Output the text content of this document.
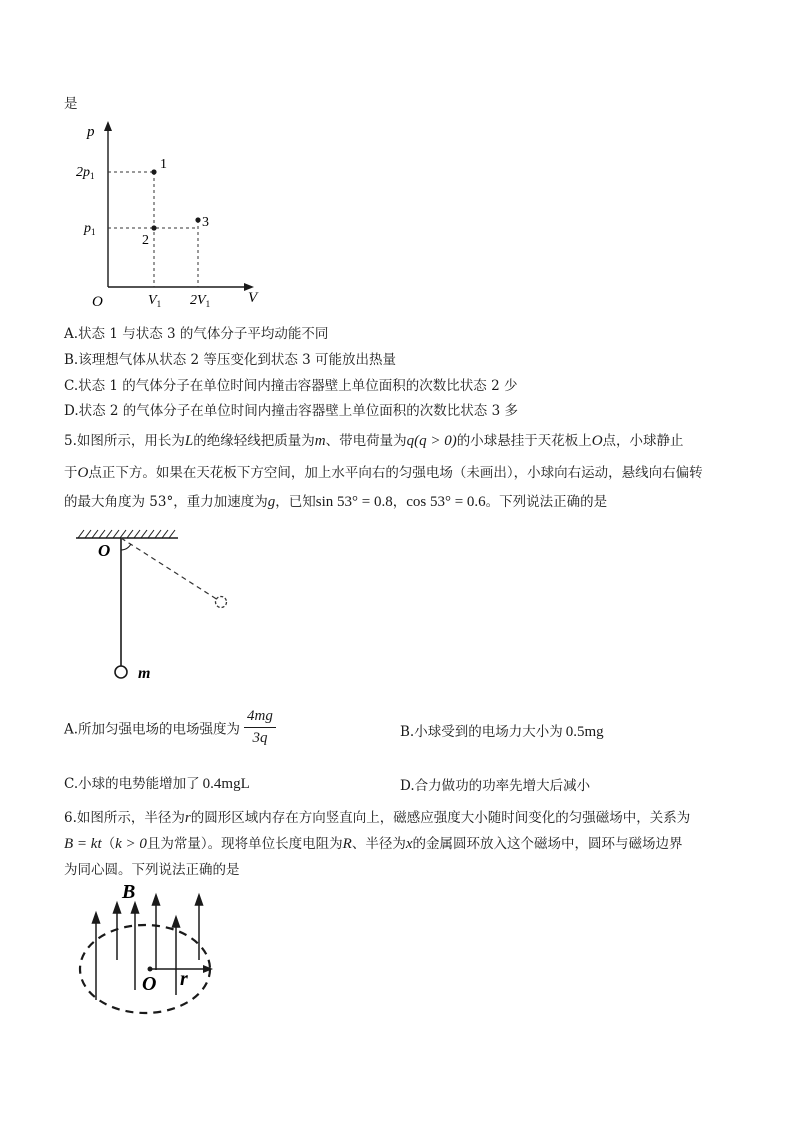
是
p
V
O
$2p_1$
$p_1$
$V_1$ $2V_1$
1
2
3
A.状态 1 与状态 3 的气体分子平均动能不同
B.该理想气体从状态 2 等压变化到状态 3 可能放出热量
C.状态 1 的气体分子在单位时间内撞击容器壁上单位面积的次数比状态 2 少
D.状态 2 的气体分子在单位时间内撞击容器壁上单位面积的次数比状态 3 多
5.如图所示，用长为L的绝缘轻线把质量为m、带电荷量为q(q > 0)的小球悬挂于天花板上O点，小球静止
于O点正下方。如果在天花板下方空间，加上水平向右的匀强电场（未画出），小球向右运动，悬线向右偏转
的最大角度为 53°，重力加速度为g，已知sin 53° = 0.8，cos 53° = 0.6。下列说法正确的是
O
m
A.所加匀强电场的电场强度为 $\frac{4mg}{3q}$	B.小球受到的电场力大小为  0.5mg
C.小球的电势能增加了  0.4mgL	D.合力做功的功率先增大后减小
6.如图所示，半径为r的圆形区域内存在方向竖直向上，磁感应强度大小随时间变化的匀强磁场中，关系为
B = kt（k > 0且为常量）。现将单位长度电阻为R、半径为x的金属圆环放入这个磁场中，圆环与磁场边界
为同心圆。下列说法正确的是
B
O r
